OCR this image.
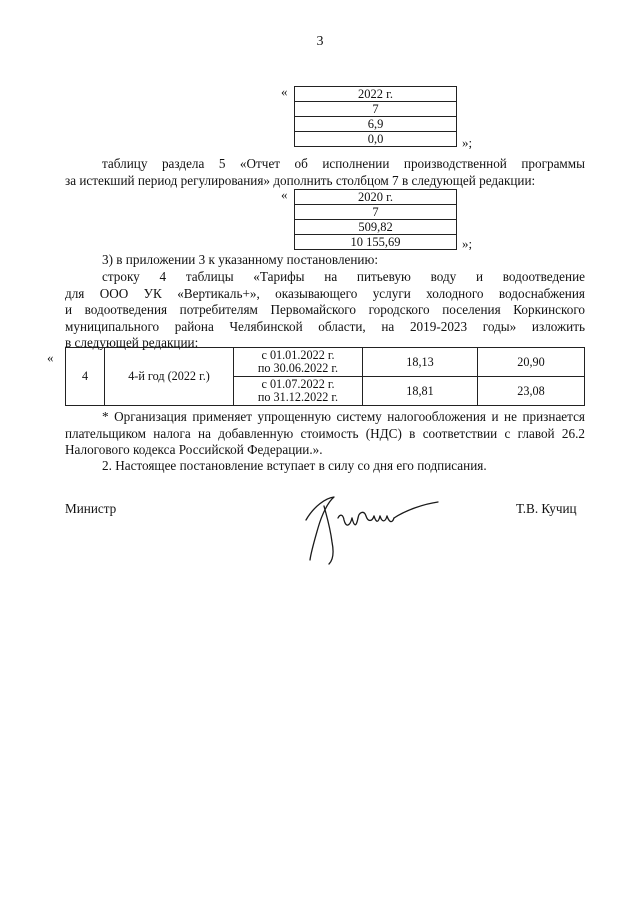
3
«	2022 г.
7
6,9
0,0	»;
таблицу раздела 5 «Отчет об исполнении производственной программы
за истекший период регулирования» дополнить столбцом 7 в следующей редакции:
«	2020 г.
7
509,82
10 155,69	»;
3) в приложении 3 к указанному постановлению:
строку 4 таблицы «Тарифы на питьевую воду и водоотведение
для ООО УК «Вертикаль+», оказывающего услуги холодного водоснабжения
и водоотведения потребителям Первомайского городского поселения Коркинского
муниципального района Челябинской области, на 2019-2023 годы» изложить
в следующей редакции:
«
4	4-й год (2022 г.)	с 01.01.2022 г.
по 30.06.2022 г.	18,13	20,90

		с 01.07.2022 г.
по 31.12.2022 г.	18,81	23,08
* Организация применяет упрощенную систему налогообложения и не признается
плательщиком налога на добавленную стоимость (НДС) в соответствии с главой 26.2
Налогового кодекса Российской Федерации.».
2. Настоящее постановление вступает в силу со дня его подписания.
Министр	Т.В. Кучиц
